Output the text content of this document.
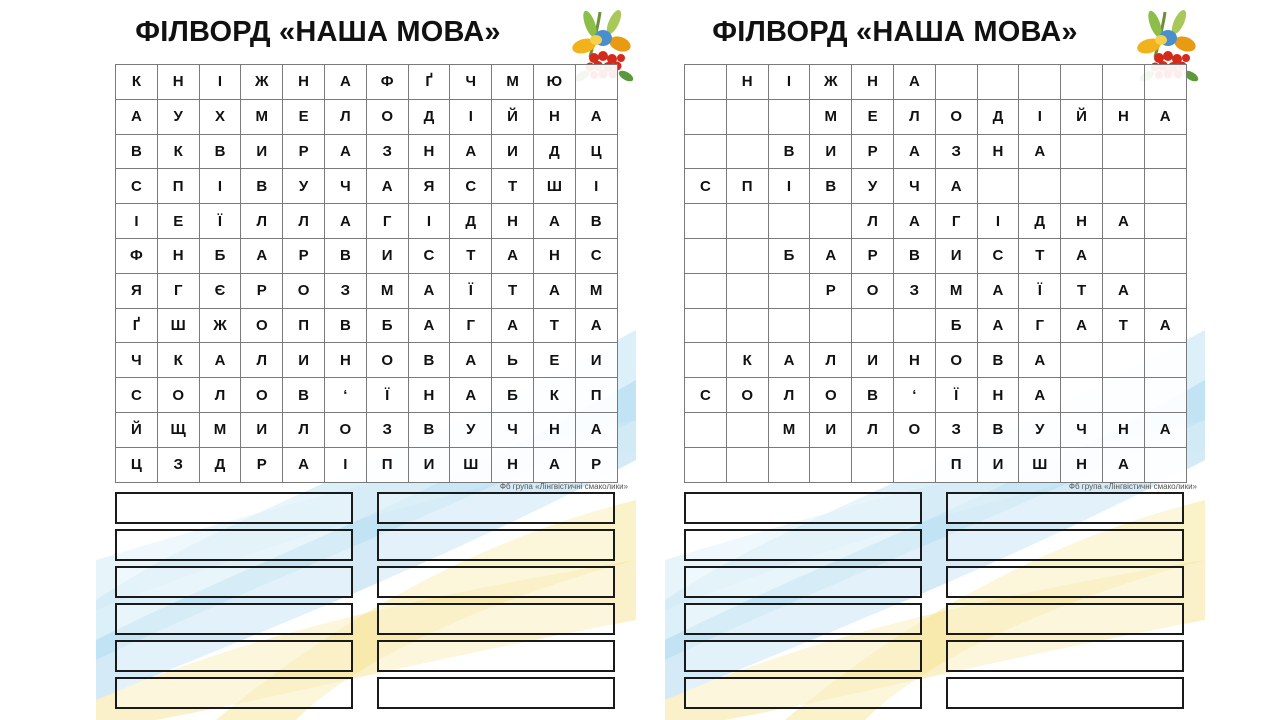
ФІЛВОРД «НАША МОВА»
К	Н	І	Ж	Н	А	Ф	Ґ	Ч	М	Ю	
А	У	Х	М	Е	Л	О	Д	І	Й	Н	А
В	К	В	И	Р	А	З	Н	А	И	Д	Ц
С	П	І	В	У	Ч	А	Я	С	Т	Ш	І
І	Е	Ї	Л	Л	А	Г	І	Д	Н	А	В
Ф	Н	Б	А	Р	В	И	С	Т	А	Н	С
Я	Г	Є	Р	О	З	М	А	Ї	Т	А	М
Ґ	Ш	Ж	О	П	В	Б	А	Г	А	Т	А
Ч	К	А	Л	И	Н	О	В	А	Ь	Е	И
С	О	Л	О	В	‘	Ї	Н	А	Б	К	П
Й	Щ	М	И	Л	О	З	В	У	Ч	Н	А
Ц	З	Д	Р	А	І	П	И	Ш	Н	А	Р
Фб група «Лінгвістичні смаколики»
ФІЛВОРД «НАША МОВА»
	Н	І	Ж	Н	А						
			М	Е	Л	О	Д	І	Й	Н	А
		В	И	Р	А	З	Н	А			
С	П	І	В	У	Ч	А					
				Л	А	Г	І	Д	Н	А	
		Б	А	Р	В	И	С	Т	А		
			Р	О	З	М	А	Ї	Т	А	
						Б	А	Г	А	Т	А
	К	А	Л	И	Н	О	В	А			
С	О	Л	О	В	‘	Ї	Н	А			
		М	И	Л	О	З	В	У	Ч	Н	А
						П	И	Ш	Н	А	
Фб група «Лінгвістичні смаколики»
